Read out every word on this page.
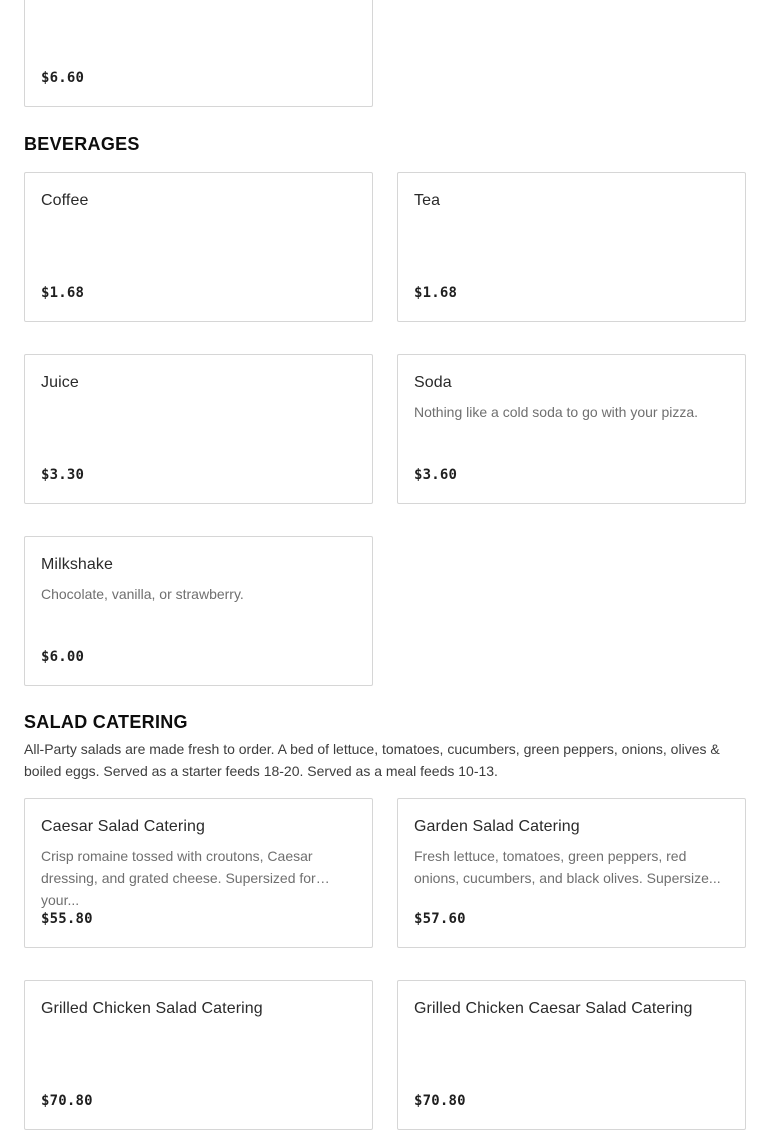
$6.60
BEVERAGES
Coffee
$1.68
Tea
$1.68
Juice
$3.30
Soda
Nothing like a cold soda to go with your pizza.
$3.60
Milkshake
Chocolate, vanilla, or strawberry.
$6.00
SALAD CATERING
All-Party salads are made fresh to order. A bed of lettuce, tomatoes, cucumbers, green peppers, onions, olives & boiled eggs. Served as a starter feeds 18-20. Served as a meal feeds 10-13.
Caesar Salad Catering
Crisp romaine tossed with croutons, Caesar dressing, and grated cheese. Supersized for your...
$55.80
Garden Salad Catering
Fresh lettuce, tomatoes, green peppers, red onions, cucumbers, and black olives. Supersize...
$57.60
Grilled Chicken Salad Catering
$70.80
Grilled Chicken Caesar Salad Catering
$70.80
